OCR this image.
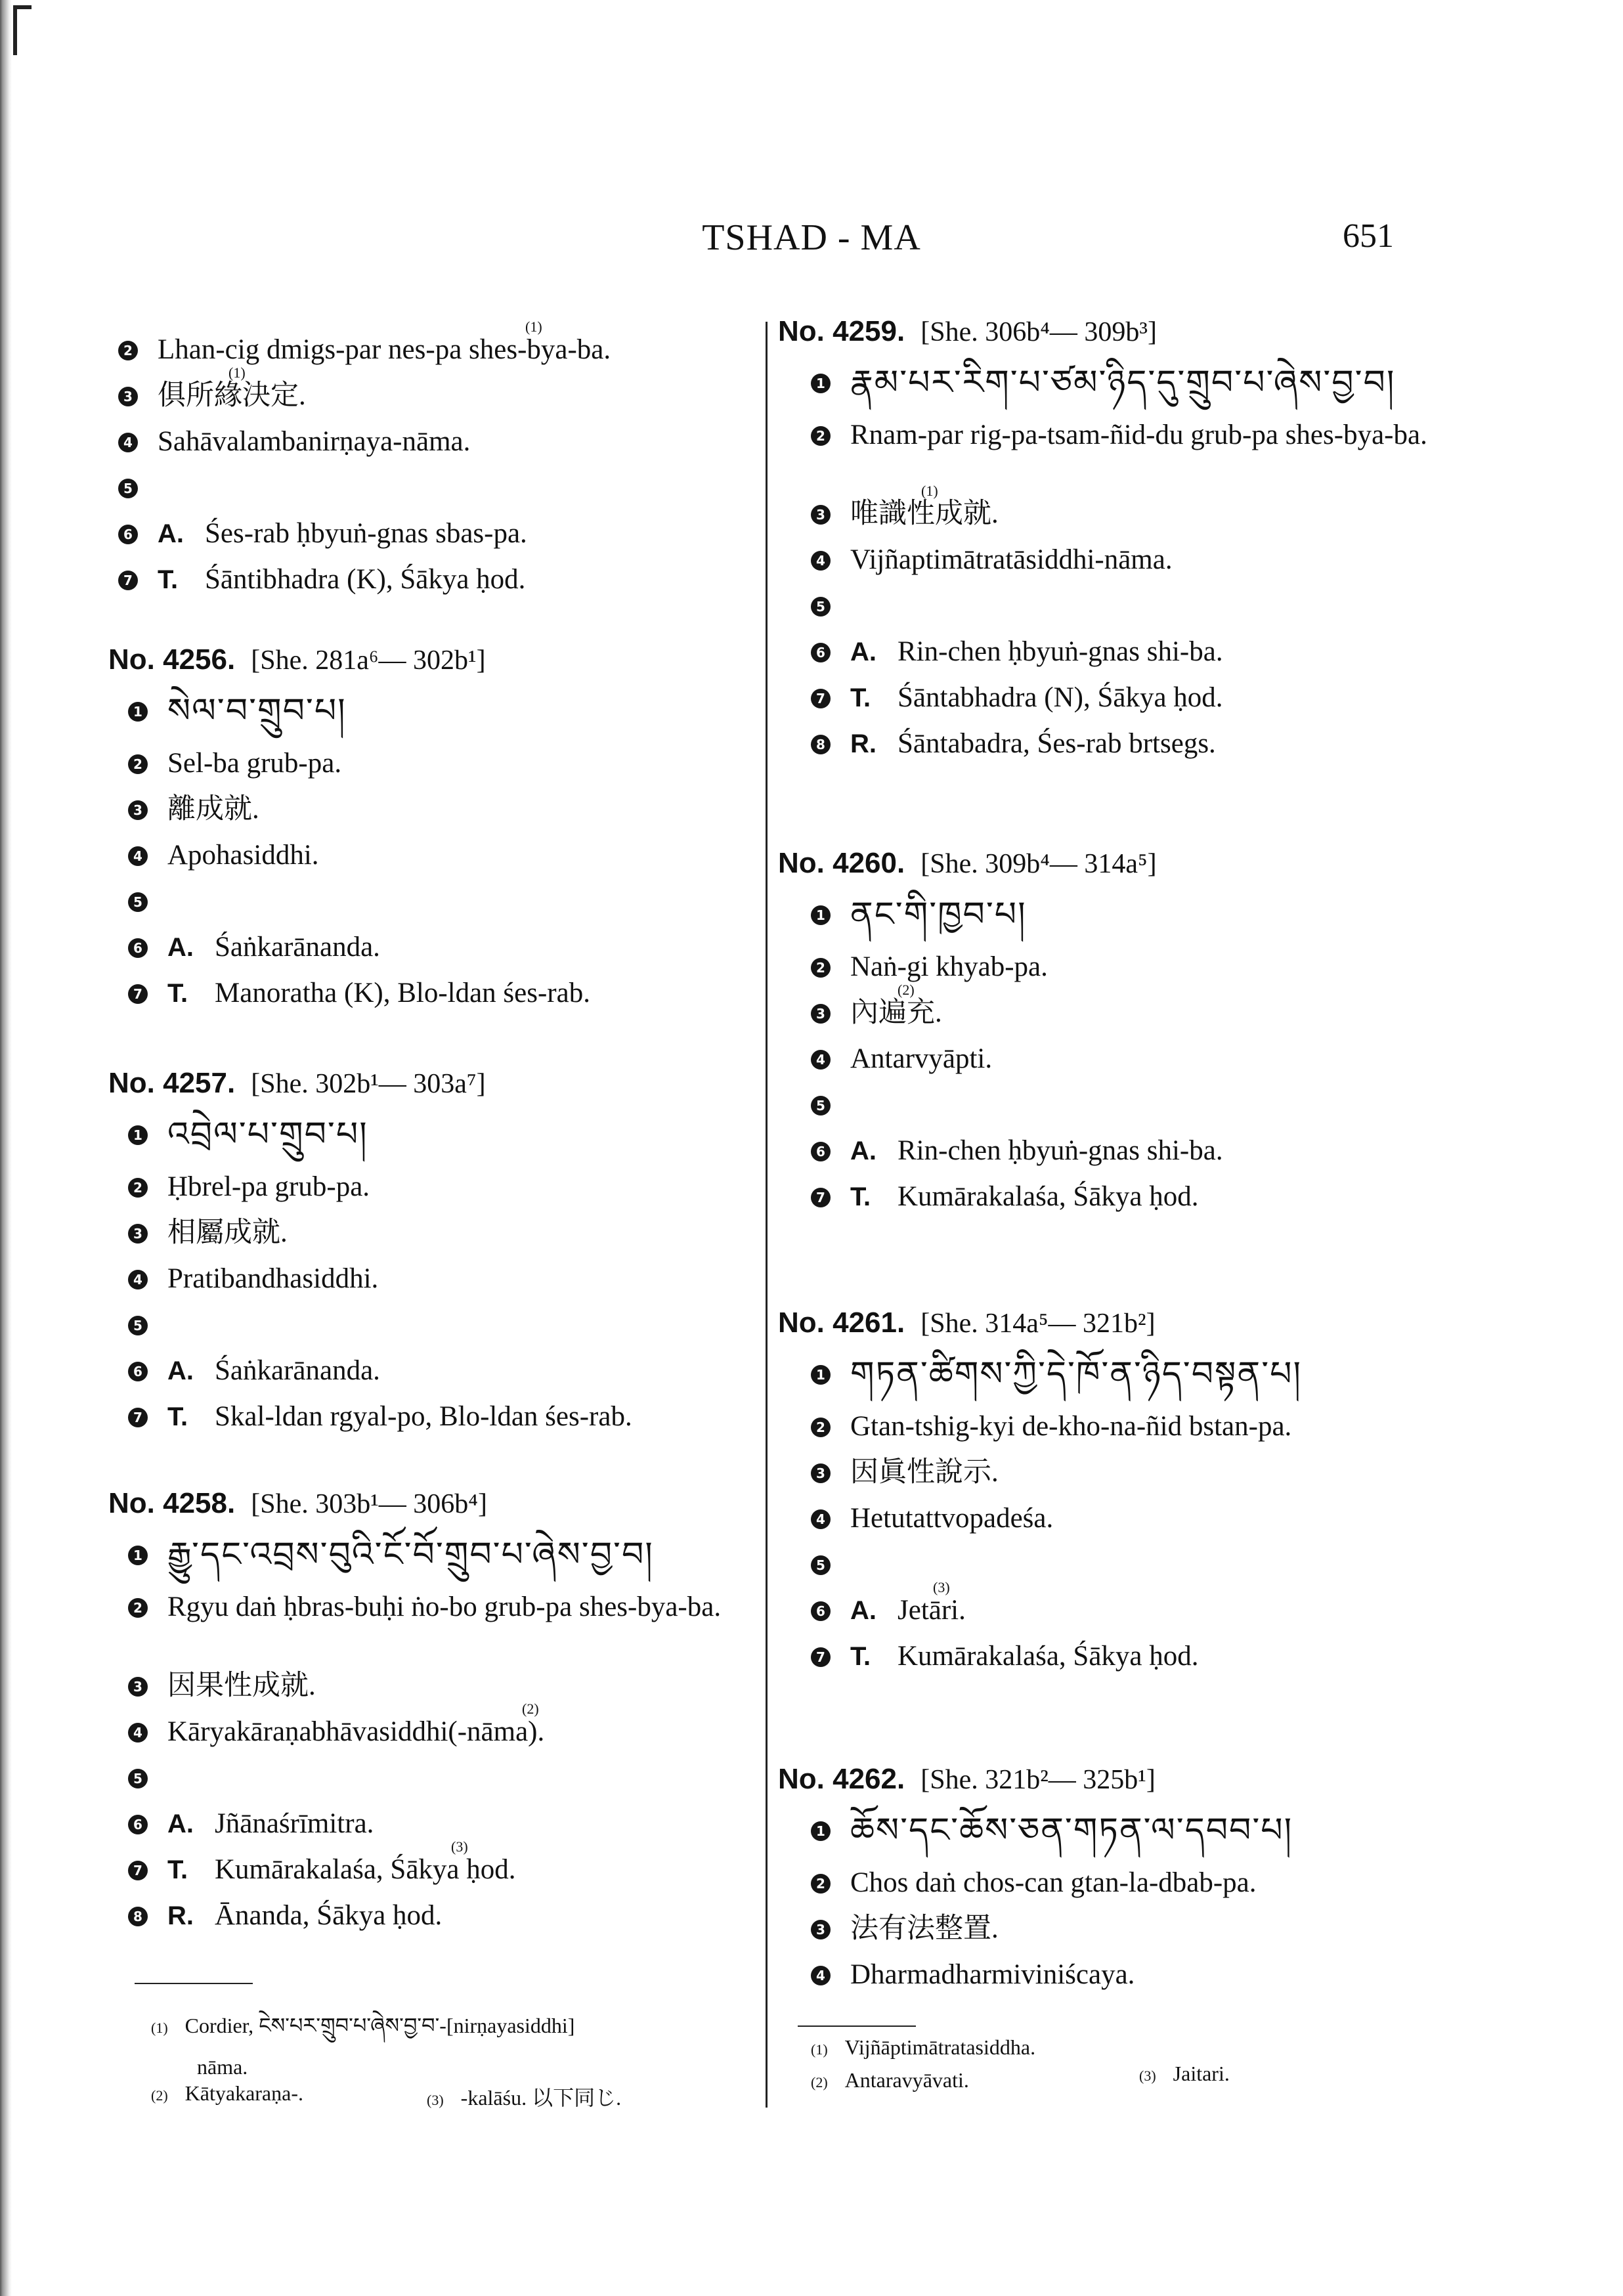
TSHAD - MA	651
2 Lhan-cig dmigs-par nes-pa shes-bya-ba.
(1)
3 俱所緣決定.
(1)
4 Sahāvalambanirṇaya-nāma.
5
6 A. Śes-rab ḥbyuṅ-gnas sbas-pa.
7 T. Śāntibhadra (K), Śākya ḥod.
No. 4256. [She. 281a⁶— 302b¹]
1 སེལ་བ་གྲུབ་པ།
2 Sel-ba grub-pa.
3 離成就.
4 Apohasiddhi.
5
6 A. Śaṅkarānanda.
7 T. Manoratha (K), Blo-ldan śes-rab.
No. 4257. [She. 302b¹— 303a⁷]
1 འབྲེལ་པ་གྲུབ་པ།
2 Ḥbrel-pa grub-pa.
3 相屬成就.
4 Pratibandhasiddhi.
5
6 A. Śaṅkarānanda.
7 T. Skal-ldan rgyal-po, Blo-ldan śes-rab.
No. 4258. [She. 303b¹— 306b⁴]
1 རྒྱུ་དང་འབྲས་བུའི་ངོ་བོ་གྲུབ་པ་ཞེས་བྱ་བ།
2 Rgyu daṅ ḥbras-buḥi ṅo-bo grub-pa shes-bya-ba.
3 因果性成就.
4 Kāryakāraṇabhāvasiddhi(-nāma).
(2)
5
6 A. Jñānaśrīmitra.
7 T. Kumārakalaśa, Śākya ḥod.
(3)
8 R. Ānanda, Śākya ḥod.
(1) Cordier, ངེས་པར་གྲུབ་པ་ཞེས་བྱ་བ་-[nirṇayasiddhi]
nāma.
(2) Kātyakaraṇa-.	(3) -kalāśu. 以下同じ.
No. 4259. [She. 306b⁴— 309b³]
1 རྣམ་པར་རིག་པ་ཙམ་ཉིད་དུ་གྲུབ་པ་ཞེས་བྱ་བ།
2 Rnam-par rig-pa-tsam-ñid-du grub-pa shes-bya-ba.
3 唯識性成就.
(1)
4 Vijñaptimātratāsiddhi-nāma.
5
6 A. Rin-chen ḥbyuṅ-gnas shi-ba.
7 T. Śāntabhadra (N), Śākya ḥod.
8 R. Śāntabadra, Śes-rab brtsegs.
No. 4260. [She. 309b⁴— 314a⁵]
1 ནང་གི་ཁྱབ་པ།
2 Naṅ-gi khyab-pa.
3 內遍充.
(2)
4 Antarvyāpti.
5
6 A. Rin-chen ḥbyuṅ-gnas shi-ba.
7 T. Kumārakalaśa, Śākya ḥod.
No. 4261. [She. 314a⁵— 321b²]
1 གཏན་ཚིགས་ཀྱི་དེ་ཁོ་ན་ཉིད་བསྟན་པ།
2 Gtan-tshig-kyi de-kho-na-ñid bstan-pa.
3 因眞性說示.
4 Hetutattvopadeśa.
5
6 A. Jetāri.
(3)
7 T. Kumārakalaśa, Śākya ḥod.
No. 4262. [She. 321b²— 325b¹]
1 ཆོས་དང་ཆོས་ཅན་གཏན་ལ་དབབ་པ།
2 Chos daṅ chos-can gtan-la-dbab-pa.
3 法有法整置.
4 Dharmadharmiviniścaya.
(1) Vijñāptimātratasiddha.
(2) Antaravyāvati.	(3) Jaitari.
